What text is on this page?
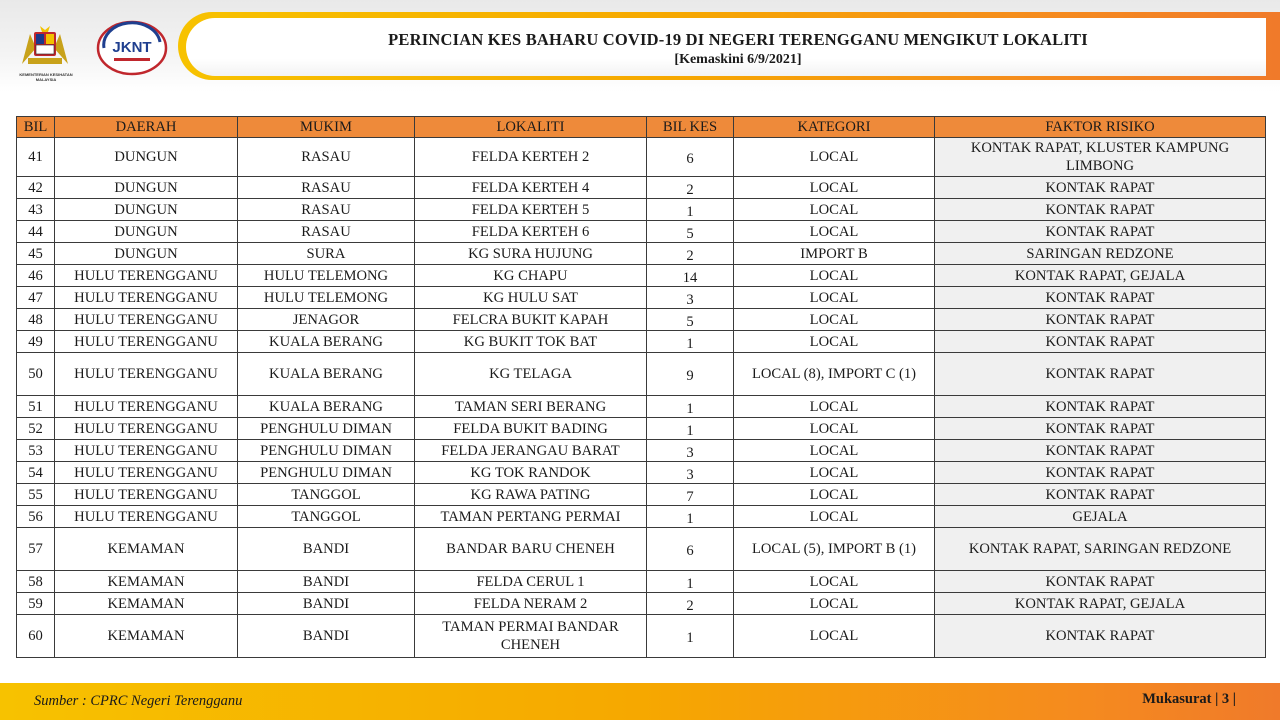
KEMENTERIAN KESIHATAN MALAYSIA
JKNT	PERINCIAN KES BAHARU COVID-19 DI NEGERI TERENGGANU MENGIKUT LOKALITI
[Kemaskini 6/9/2021]
BIL	DAERAH	MUKIM	LOKALITI	BIL KES	KATEGORI	FAKTOR RISIKO
41	DUNGUN	RASAU	FELDA KERTEH 2	6	LOCAL	KONTAK RAPAT, KLUSTER KAMPUNG LIMBONG
42	DUNGUN	RASAU	FELDA KERTEH 4	2	LOCAL	KONTAK RAPAT
43	DUNGUN	RASAU	FELDA KERTEH 5	1	LOCAL	KONTAK RAPAT
44	DUNGUN	RASAU	FELDA KERTEH 6	5	LOCAL	KONTAK RAPAT
45	DUNGUN	SURA	KG SURA HUJUNG	2	IMPORT B	SARINGAN REDZONE
46	HULU TERENGGANU	HULU TELEMONG	KG CHAPU	14	LOCAL	KONTAK RAPAT, GEJALA
47	HULU TERENGGANU	HULU TELEMONG	KG HULU SAT	3	LOCAL	KONTAK RAPAT
48	HULU TERENGGANU	JENAGOR	FELCRA BUKIT KAPAH	5	LOCAL	KONTAK RAPAT
49	HULU TERENGGANU	KUALA BERANG	KG BUKIT TOK BAT	1	LOCAL	KONTAK RAPAT
50	HULU TERENGGANU	KUALA BERANG	KG TELAGA	9	LOCAL (8), IMPORT C (1)	KONTAK RAPAT
51	HULU TERENGGANU	KUALA BERANG	TAMAN SERI BERANG	1	LOCAL	KONTAK RAPAT
52	HULU TERENGGANU	PENGHULU DIMAN	FELDA BUKIT BADING	1	LOCAL	KONTAK RAPAT
53	HULU TERENGGANU	PENGHULU DIMAN	FELDA JERANGAU BARAT	3	LOCAL	KONTAK RAPAT
54	HULU TERENGGANU	PENGHULU DIMAN	KG TOK RANDOK	3	LOCAL	KONTAK RAPAT
55	HULU TERENGGANU	TANGGOL	KG RAWA PATING	7	LOCAL	KONTAK RAPAT
56	HULU TERENGGANU	TANGGOL	TAMAN PERTANG PERMAI	1	LOCAL	GEJALA
57	KEMAMAN	BANDI	BANDAR BARU CHENEH	6	LOCAL (5), IMPORT B (1)	KONTAK RAPAT, SARINGAN REDZONE
58	KEMAMAN	BANDI	FELDA CERUL 1	1	LOCAL	KONTAK RAPAT
59	KEMAMAN	BANDI	FELDA NERAM 2	2	LOCAL	KONTAK RAPAT, GEJALA
60	KEMAMAN	BANDI	TAMAN PERMAI BANDAR CHENEH	1	LOCAL	KONTAK RAPAT
Sumber : CPRC Negeri Terengganu	Mukasurat | 3 |
